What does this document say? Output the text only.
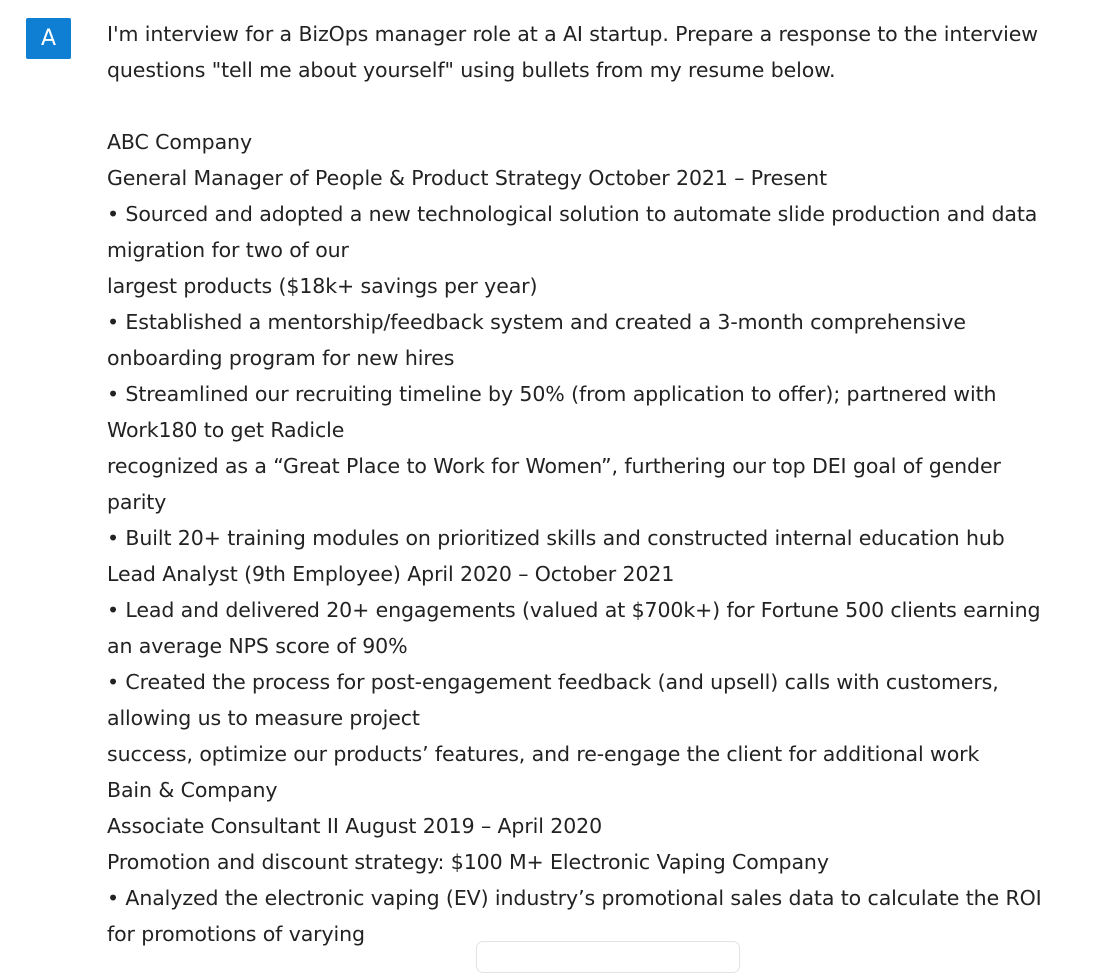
A I'm interview for a BizOps manager role at a AI startup. Prepare a response to the interview
questions "tell me about yourself" using bullets from my resume below.
ABC Company
General Manager of People & Product Strategy October 2021 – Present
• Sourced and adopted a new technological solution to automate slide production and data
migration for two of our
largest products ($18k+ savings per year)
• Established a mentorship/feedback system and created a 3-month comprehensive
onboarding program for new hires
• Streamlined our recruiting timeline by 50% (from application to offer); partnered with
Work180 to get Radicle
recognized as a “Great Place to Work for Women”, furthering our top DEI goal of gender
parity
• Built 20+ training modules on prioritized skills and constructed internal education hub
Lead Analyst (9th Employee) April 2020 – October 2021
• Lead and delivered 20+ engagements (valued at $700k+) for Fortune 500 clients earning
an average NPS score of 90%
• Created the process for post-engagement feedback (and upsell) calls with customers,
allowing us to measure project
success, optimize our products’ features, and re-engage the client for additional work
Bain & Company
Associate Consultant II August 2019 – April 2020
Promotion and discount strategy: $100 M+ Electronic Vaping Company
• Analyzed the electronic vaping (EV) industry’s promotional sales data to calculate the ROI
for promotions of varying
